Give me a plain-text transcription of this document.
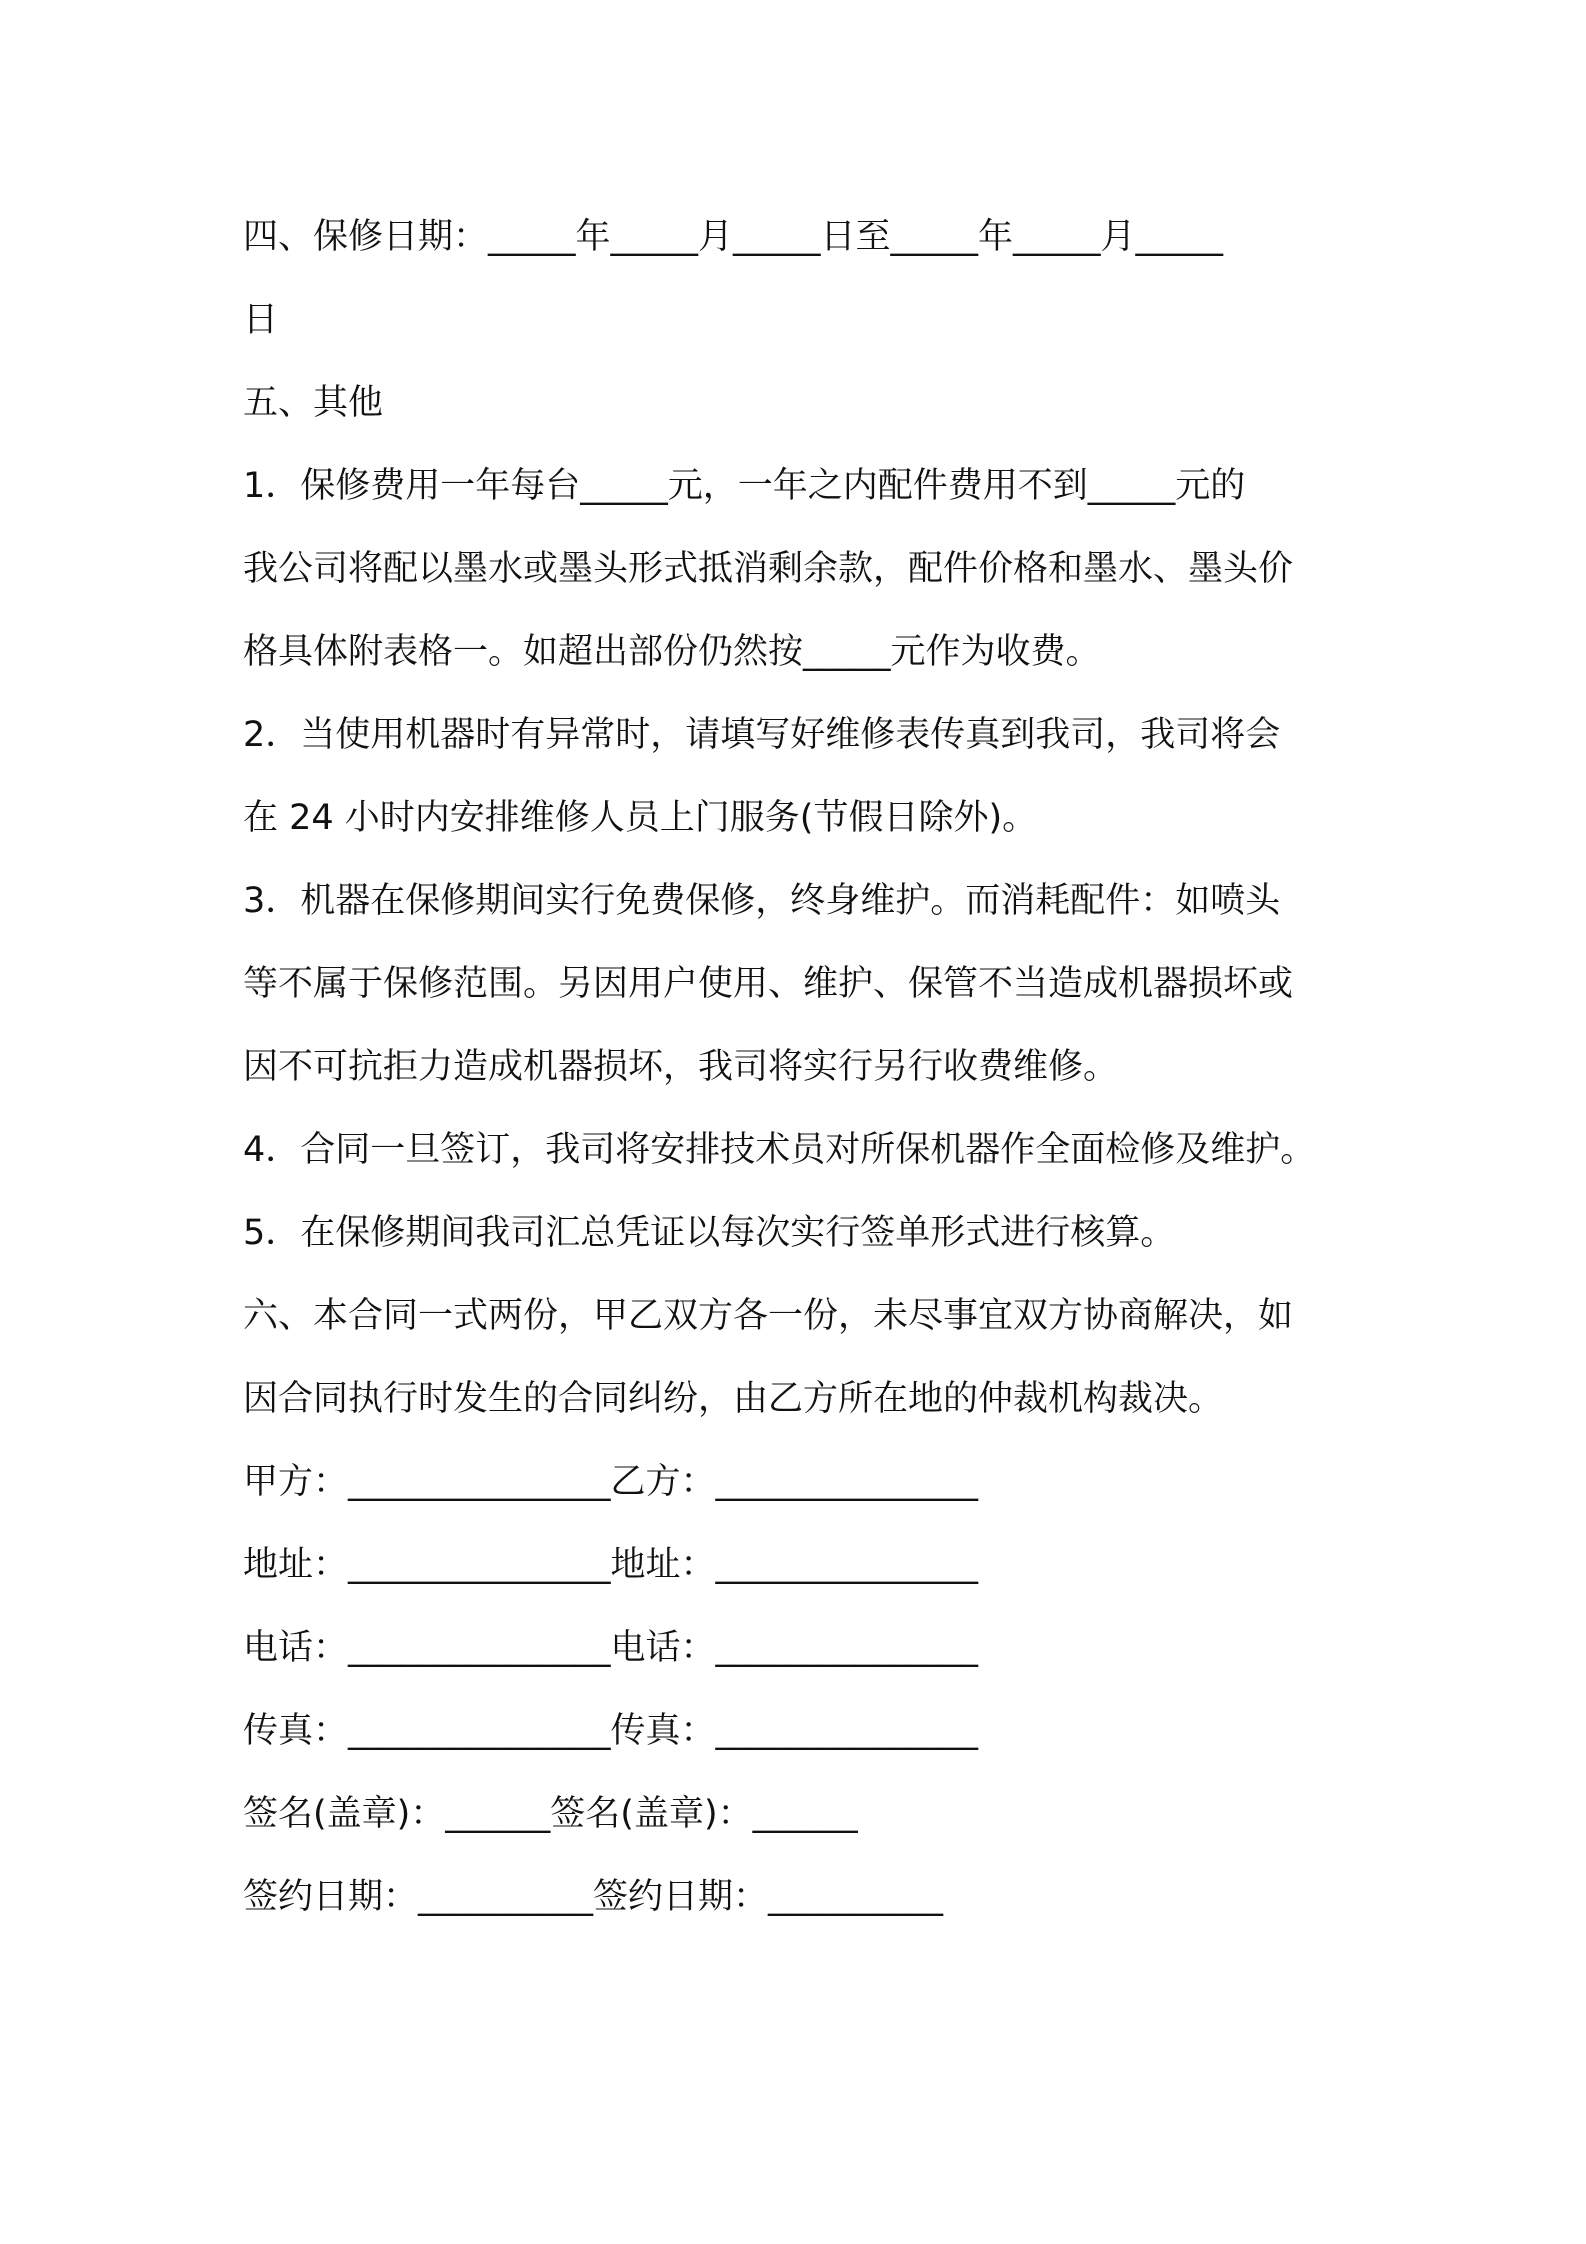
四、保修日期：_____年_____月_____日至_____年_____月_____
日
五、其他
1．保修费用一年每台_____元，一年之内配件费用不到_____元的
我公司将配以墨水或墨头形式抵消剩余款，配件价格和墨水、墨头价
格具体附表格一。如超出部份仍然按_____元作为收费。
2．当使用机器时有异常时，请填写好维修表传真到我司，我司将会
在 24 小时内安排维修人员上门服务(节假日除外)。
3．机器在保修期间实行免费保修，终身维护。而消耗配件：如喷头
等不属于保修范围。另因用户使用、维护、保管不当造成机器损坏或
因不可抗拒力造成机器损坏，我司将实行另行收费维修。
4．合同一旦签订，我司将安排技术员对所保机器作全面检修及维护。
5．在保修期间我司汇总凭证以每次实行签单形式进行核算。
六、本合同一式两份，甲乙双方各一份，未尽事宜双方协商解决，如
因合同执行时发生的合同纠纷，由乙方所在地的仲裁机构裁决。
甲方：_______________乙方：_______________
地址：_______________地址：_______________
电话：_______________电话：_______________
传真：_______________传真：_______________
签名(盖章)：______签名(盖章)：______
签约日期：__________签约日期：__________
